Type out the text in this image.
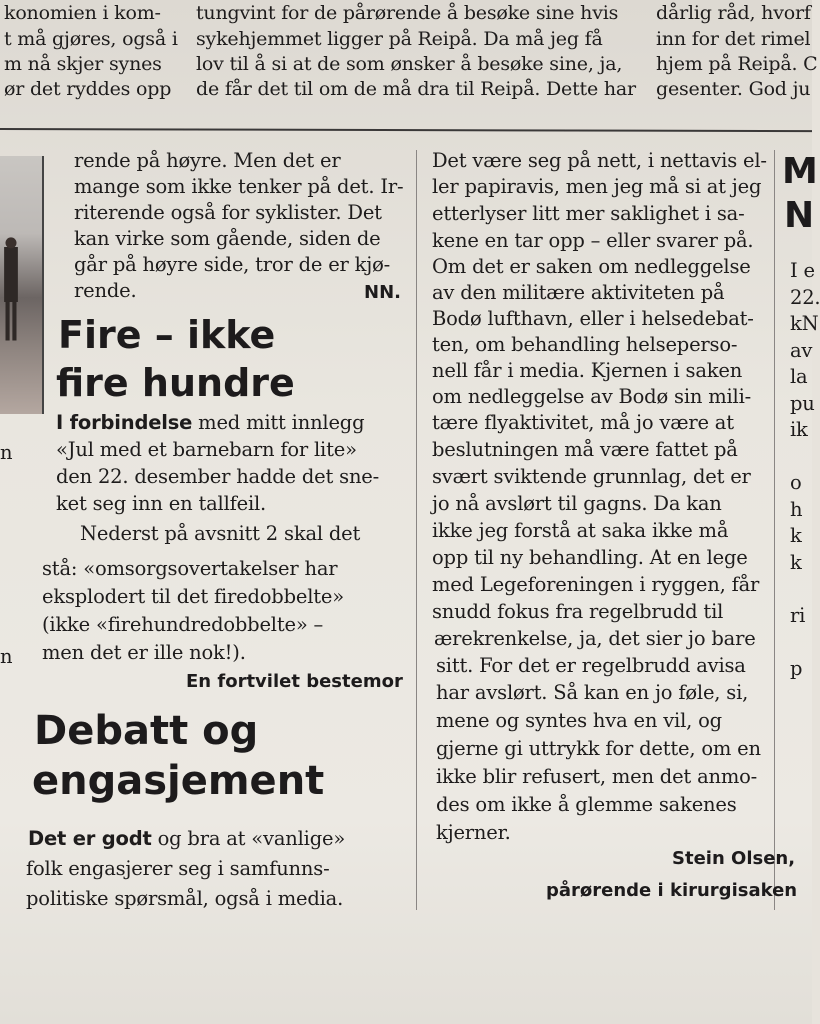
konomien i kom-
t må gjøres, også i
m nå skjer synes
ør det ryddes opp
tungvint for de pårørende å besøke sine hvis
sykehjemmet ligger på Reipå. Da må jeg få
lov til å si at de som ønsker å besøke sine, ja,
de får det til om de må dra til Reipå. Dette har
dårlig råd, hvorf
inn for det rimel
hjem på Reipå. C
gesenter. God ju
n
n
rende på høyre. Men det er
mange som ikke tenker på det. Ir-
riterende også for syklister. Det
kan virke som gående, siden de
går på høyre side, tror de er kjø-
rende.	NN.
Fire – ikke
fire hundre
I forbindelse med mitt innlegg
«Jul med et barnebarn for lite»
den 22. desember hadde det sne-
ket seg inn en tallfeil.
Nederst på avsnitt 2 skal det
stå: «omsorgsovertakelser har
eksplodert til det firedobbelte»
(ikke «firehundredobbelte» –
men det er ille nok!).
En fortvilet bestemor
Debatt og
engasjement
Det er godt og bra at «vanlige»
folk engasjerer seg i samfunns-
politiske spørsmål, også i media.
Det være seg på nett, i nettavis el-
ler papiravis, men jeg må si at jeg
etterlyser litt mer saklighet i sa-
kene en tar opp – eller svarer på.
Om det er saken om nedleggelse
av den militære aktiviteten på
Bodø lufthavn, eller i helsedebat-
ten, om behandling helseperso-
nell får i media. Kjernen i saken
om nedleggelse av Bodø sin mili-
tære flyaktivitet, må jo være at
beslutningen må være fattet på
svært sviktende grunnlag, det er
jo nå avslørt til gagns. Da kan
ikke jeg forstå at saka ikke må
opp til ny behandling. At en lege
med Legeforeningen i ryggen, får
snudd fokus fra regelbrudd til
ærekrenkelse, ja, det sier jo bare
sitt. For det er regelbrudd avisa
har avslørt. Så kan en jo føle, si,
mene og syntes hva en vil, og
gjerne gi uttrykk for dette, om en
ikke blir refusert, men det anmo-
des om ikke å glemme sakenes
kjerner.
Stein Olsen,
pårørende i kirurgisaken
M
N
I e
22.
kN
av
la
pu
ik
o
h
k
k
ri
p
